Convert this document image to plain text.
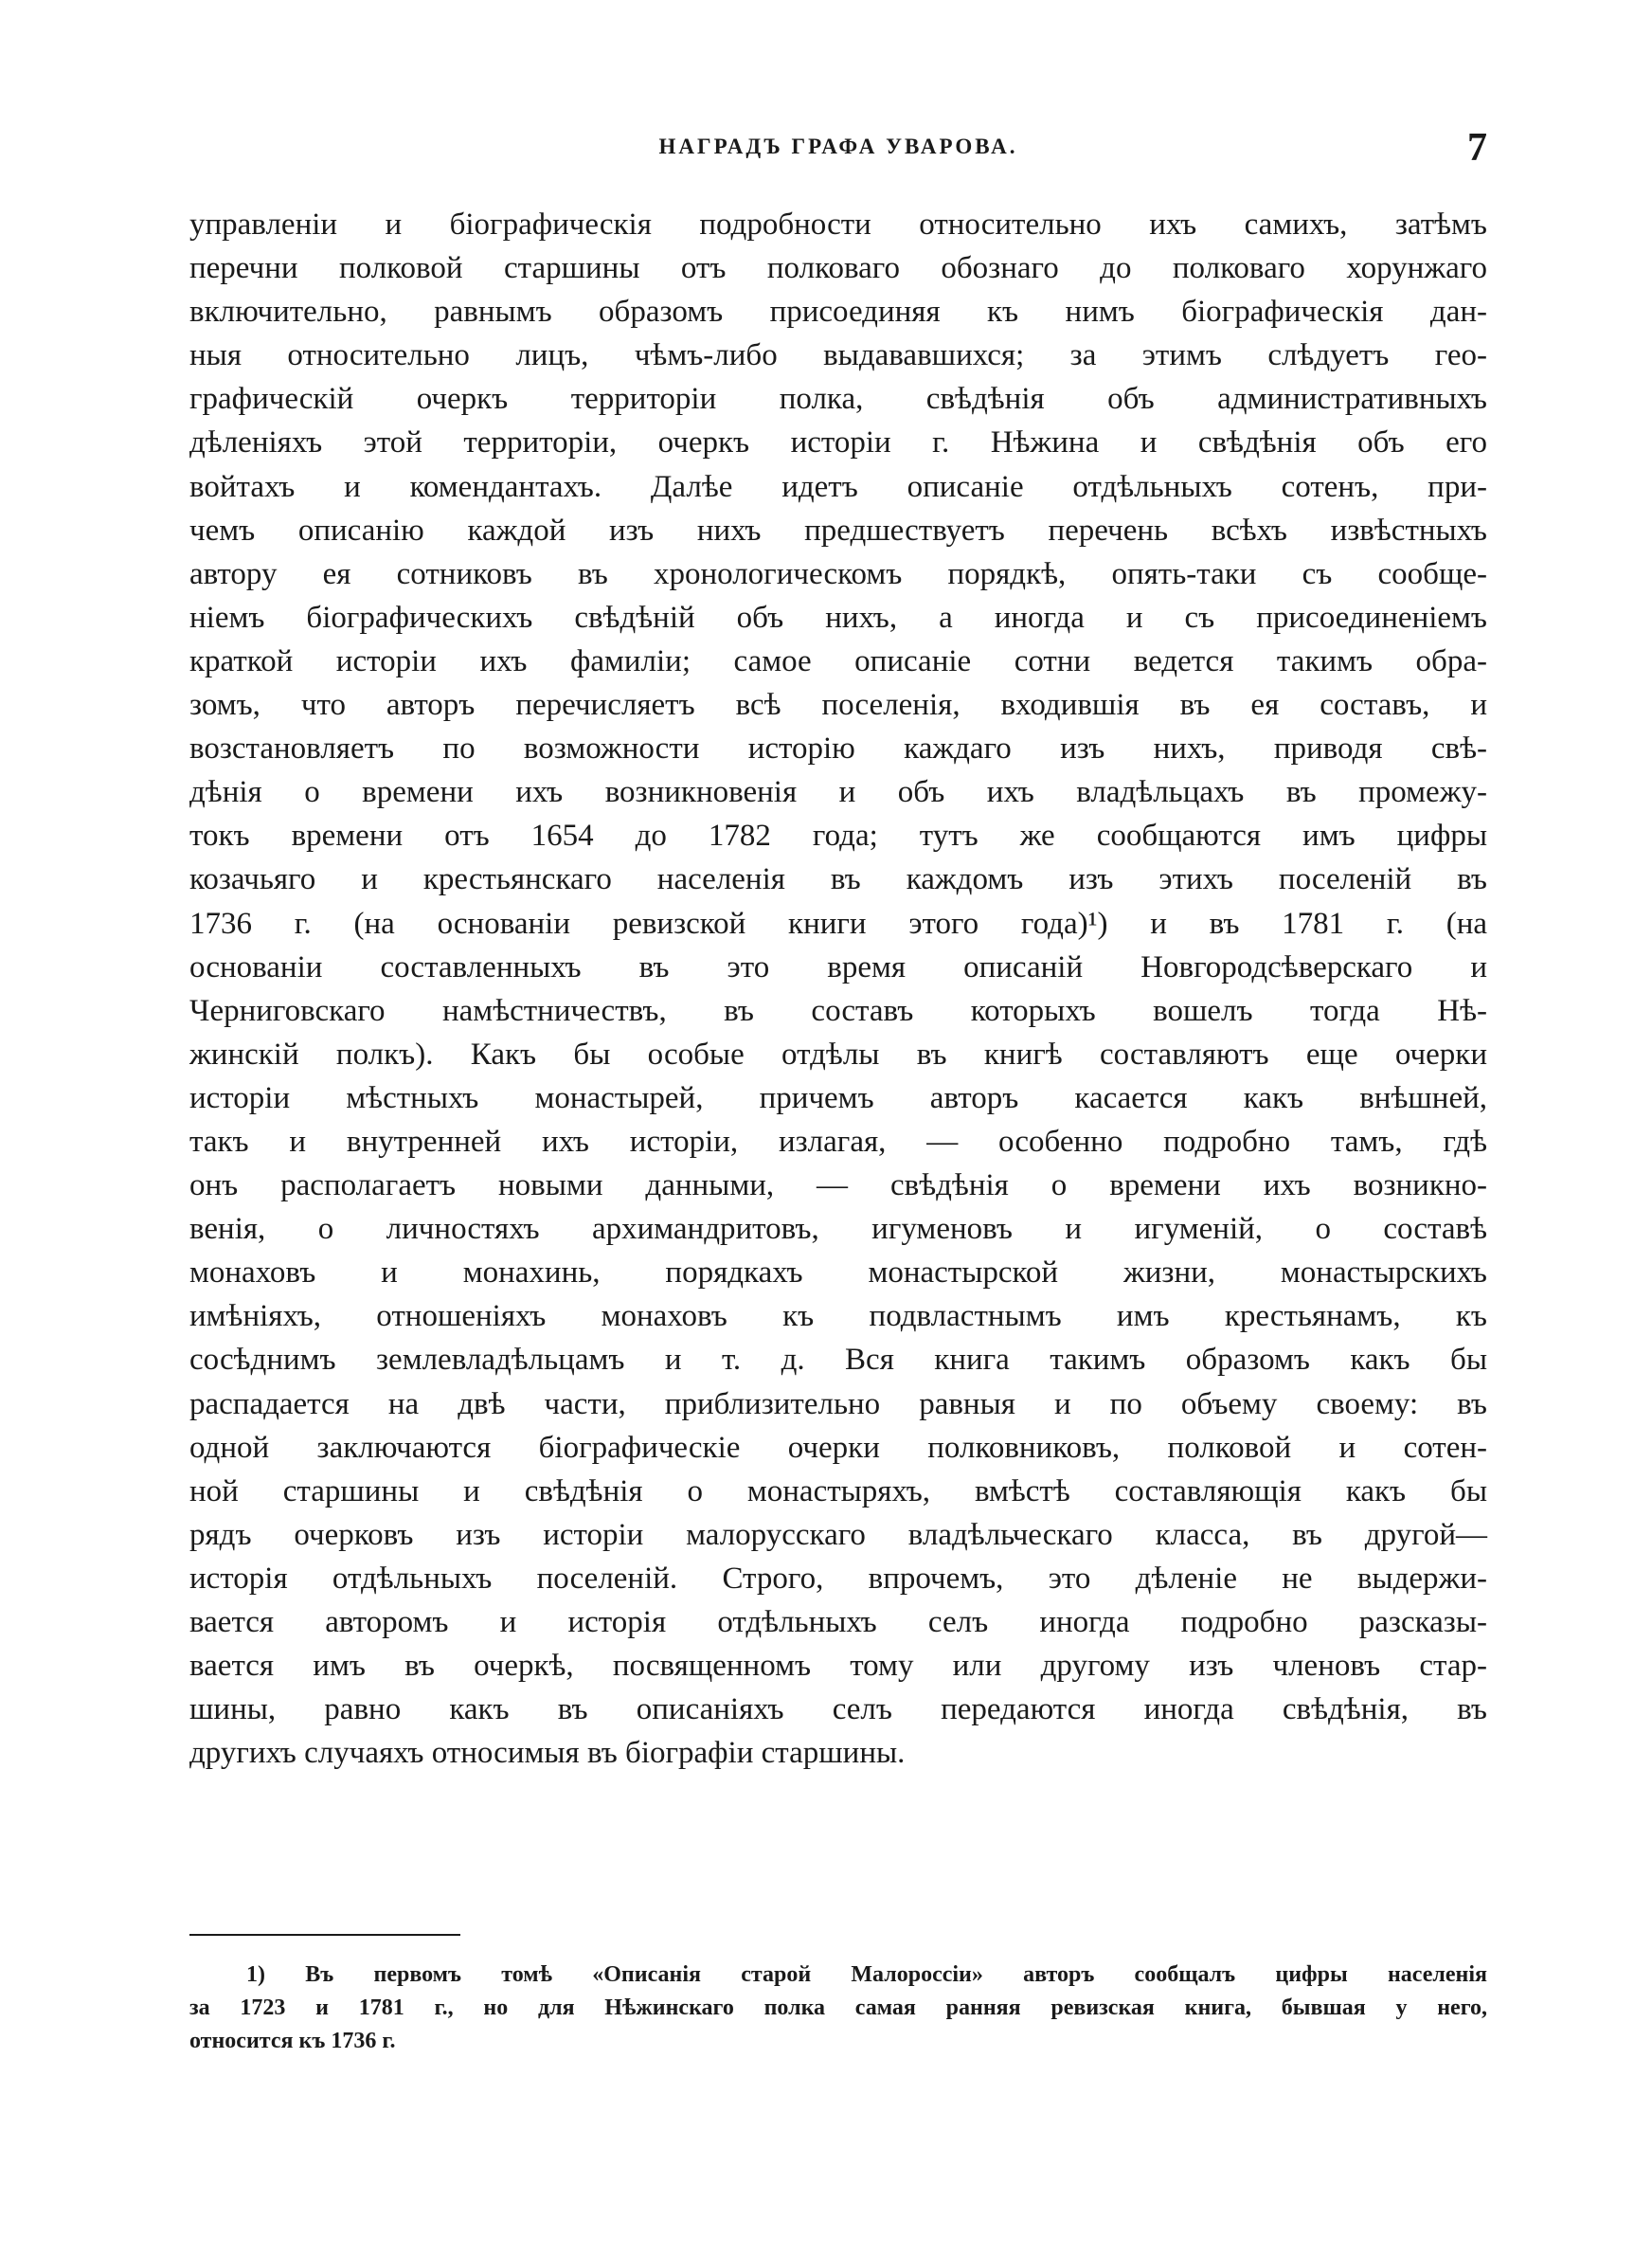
НАГРАДЪ ГРАФА УВАРОВА.	7
управленіи и біографическія подробности относительно ихъ самихъ, затѣмъ
перечни полковой старшины отъ полковаго обознаго до полковаго хорунжаго
включительно, равнымъ образомъ присоединяя къ нимъ біографическія дан-
ныя относительно лицъ, чѣмъ-либо выдававшихся; за этимъ слѣдуетъ гео-
графическій очеркъ территоріи полка, свѣдѣнія объ административныхъ
дѣленіяхъ этой территоріи, очеркъ исторіи г. Нѣжина и свѣдѣнія объ его
войтахъ и комендантахъ. Далѣе идетъ описаніе отдѣльныхъ сотенъ, при-
чемъ описанію каждой изъ нихъ предшествуетъ перечень всѣхъ извѣстныхъ
автору ея сотниковъ въ хронологическомъ порядкѣ, опять-таки съ сообще-
ніемъ біографическихъ свѣдѣній объ нихъ, а иногда и съ присоединеніемъ
краткой исторіи ихъ фамиліи; самое описаніе сотни ведется такимъ обра-
зомъ, что авторъ перечисляетъ всѣ поселенія, входившія въ ея составъ, и
возстановляетъ по возможности исторію каждаго изъ нихъ, приводя свѣ-
дѣнія о времени ихъ возникновенія и объ ихъ владѣльцахъ въ промежу-
токъ времени отъ 1654 до 1782 года; тутъ же сообщаются имъ цифры
козачьяго и крестьянскаго населенія въ каждомъ изъ этихъ поселеній въ
1736 г. (на основаніи ревизской книги этого года)¹) и въ 1781 г. (на
основаніи составленныхъ въ это время описаній Новгородсѣверскаго и
Черниговскаго намѣстничествъ, въ составъ которыхъ вошелъ тогда Нѣ-
жинскій полкъ). Какъ бы особые отдѣлы въ книгѣ составляютъ еще очерки
исторіи мѣстныхъ монастырей, причемъ авторъ касается какъ внѣшней,
такъ и внутренней ихъ исторіи, излагая, — особенно подробно тамъ, гдѣ
онъ располагаетъ новыми данными, — свѣдѣнія о времени ихъ возникно-
венія, о личностяхъ архимандритовъ, игуменовъ и игуменій, о составѣ
монаховъ и монахинь, порядкахъ монастырской жизни, монастырскихъ
имѣніяхъ, отношеніяхъ монаховъ къ подвластнымъ имъ крестьянамъ, къ
сосѣднимъ землевладѣльцамъ и т. д. Вся книга такимъ образомъ какъ бы
распадается на двѣ части, приблизительно равныя и по объему своему: въ
одной заключаются біографическіе очерки полковниковъ, полковой и сотен-
ной старшины и свѣдѣнія о монастыряхъ, вмѣстѣ составляющія какъ бы
рядъ очерковъ изъ исторіи малорусскаго владѣльческаго класса, въ другой—
исторія отдѣльныхъ поселеній. Строго, впрочемъ, это дѣленіе не выдержи-
вается авторомъ и исторія отдѣльныхъ селъ иногда подробно разсказы-
вается имъ въ очеркѣ, посвященномъ тому или другому изъ членовъ стар-
шины, равно какъ въ описаніяхъ селъ передаются иногда свѣдѣнія, въ
другихъ случаяхъ относимыя въ біографіи старшины.
1) Въ первомъ томѣ «Описанія старой Малороссіи» авторъ сообщалъ цифры населенія
за 1723 и 1781 г., но для Нѣжинскаго полка самая ранняя ревизская книга, бывшая у него,
относится къ 1736 г.
